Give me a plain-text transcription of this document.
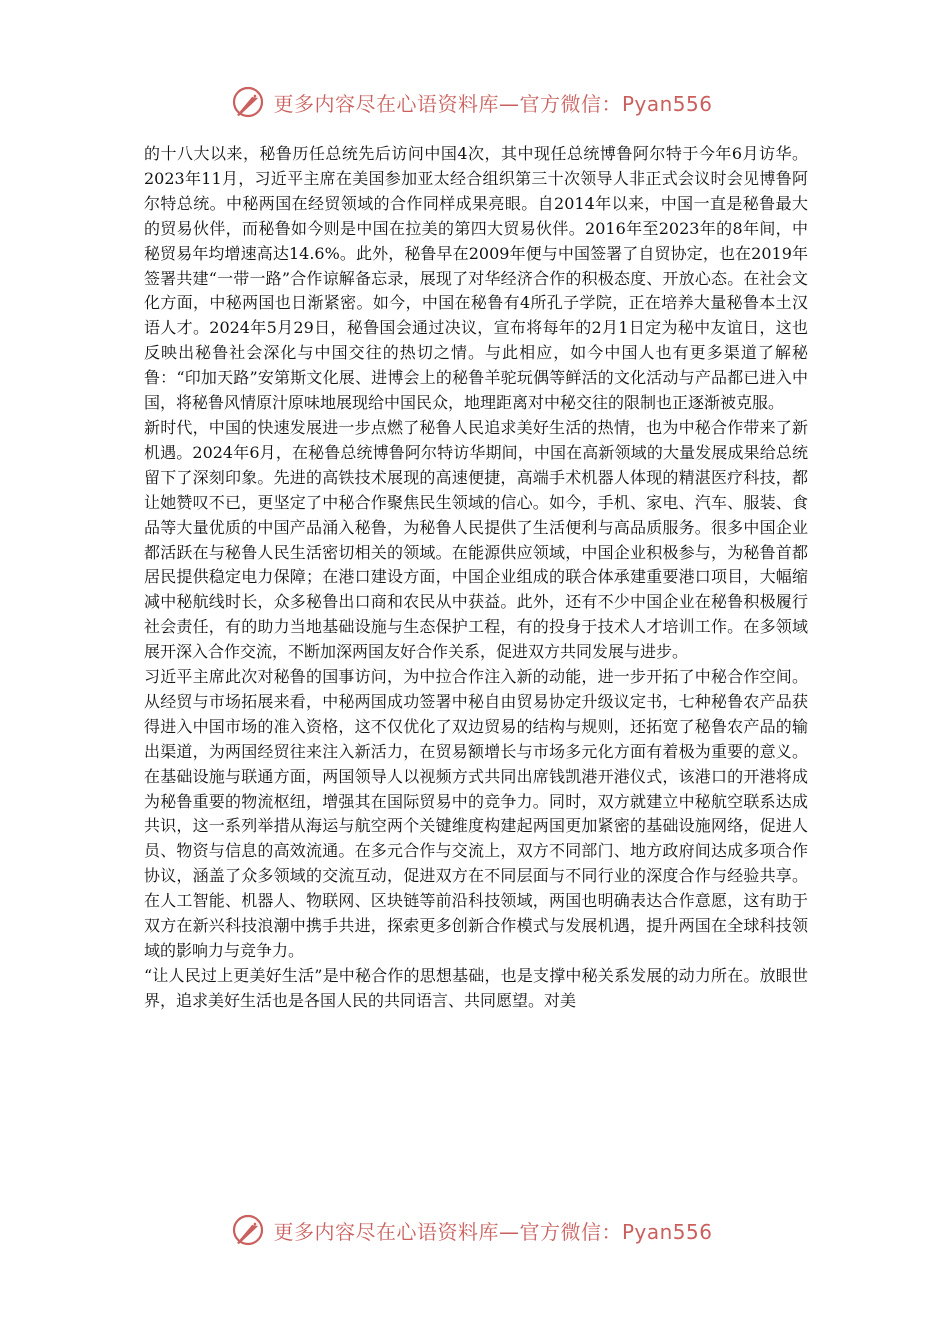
更多内容尽在心语资料库—官方微信：Pyan556

的十八大以来，秘鲁历任总统先后访问中国4次，其中现任总统博鲁阿尔特于今年6月访华。2023年11月，习近平主席在美国参加亚太经合组织第三十次领导人非正式会议时会见博鲁阿尔特总统。中秘两国在经贸领域的合作同样成果亮眼。自2014年以来，中国一直是秘鲁最大的贸易伙伴，而秘鲁如今则是中国在拉美的第四大贸易伙伴。2016年至2023年的8年间，中秘贸易年均增速高达14.6%。此外，秘鲁早在2009年便与中国签署了自贸协定，也在2019年签署共建“一带一路”合作谅解备忘录，展现了对华经济合作的积极态度、开放心态。在社会文化方面，中秘两国也日渐紧密。如今，中国在秘鲁有4所孔子学院，正在培养大量秘鲁本土汉语人才。2024年5月29日，秘鲁国会通过决议，宣布将每年的2月1日定为秘中友谊日，这也反映出秘鲁社会深化与中国交往的热切之情。与此相应，如今中国人也有更多渠道了解秘鲁：“印加天路”安第斯文化展、进博会上的秘鲁羊驼玩偶等鲜活的文化活动与产品都已进入中国，将秘鲁风情原汁原味地展现给中国民众，地理距离对中秘交往的限制也正逐渐被克服。

新时代，中国的快速发展进一步点燃了秘鲁人民追求美好生活的热情，也为中秘合作带来了新机遇。2024年6月，在秘鲁总统博鲁阿尔特访华期间，中国在高新领域的大量发展成果给总统留下了深刻印象。先进的高铁技术展现的高速便捷，高端手术机器人体现的精湛医疗科技，都让她赞叹不已，更坚定了中秘合作聚焦民生领域的信心。如今，手机、家电、汽车、服装、食品等大量优质的中国产品涌入秘鲁，为秘鲁人民提供了生活便利与高品质服务。很多中国企业都活跃在与秘鲁人民生活密切相关的领域。在能源供应领域，中国企业积极参与，为秘鲁首都居民提供稳定电力保障；在港口建设方面，中国企业组成的联合体承建重要港口项目，大幅缩减中秘航线时长，众多秘鲁出口商和农民从中获益。此外，还有不少中国企业在秘鲁积极履行社会责任，有的助力当地基础设施与生态保护工程，有的投身于技术人才培训工作。在多领域展开深入合作交流，不断加深两国友好合作关系，促进双方共同发展与进步。

习近平主席此次对秘鲁的国事访问，为中拉合作注入新的动能，进一步开拓了中秘合作空间。从经贸与市场拓展来看，中秘两国成功签署中秘自由贸易协定升级议定书，七种秘鲁农产品获得进入中国市场的准入资格，这不仅优化了双边贸易的结构与规则，还拓宽了秘鲁农产品的输出渠道，为两国经贸往来注入新活力，在贸易额增长与市场多元化方面有着极为重要的意义。在基础设施与联通方面，两国领导人以视频方式共同出席钱凯港开港仪式，该港口的开港将成为秘鲁重要的物流枢纽，增强其在国际贸易中的竞争力。同时，双方就建立中秘航空联系达成共识，这一系列举措从海运与航空两个关键维度构建起两国更加紧密的基础设施网络，促进人员、物资与信息的高效流通。在多元合作与交流上，双方不同部门、地方政府间达成多项合作协议，涵盖了众多领域的交流互动，促进双方在不同层面与不同行业的深度合作与经验共享。在人工智能、机器人、物联网、区块链等前沿科技领域，两国也明确表达合作意愿，这有助于双方在新兴科技浪潮中携手共进，探索更多创新合作模式与发展机遇，提升两国在全球科技领域的影响力与竞争力。

“让人民过上更美好生活”是中秘合作的思想基础，也是支撑中秘关系发展的动力所在。放眼世界，追求美好生活也是各国人民的共同语言、共同愿望。对美

更多内容尽在心语资料库—官方微信：Pyan556
